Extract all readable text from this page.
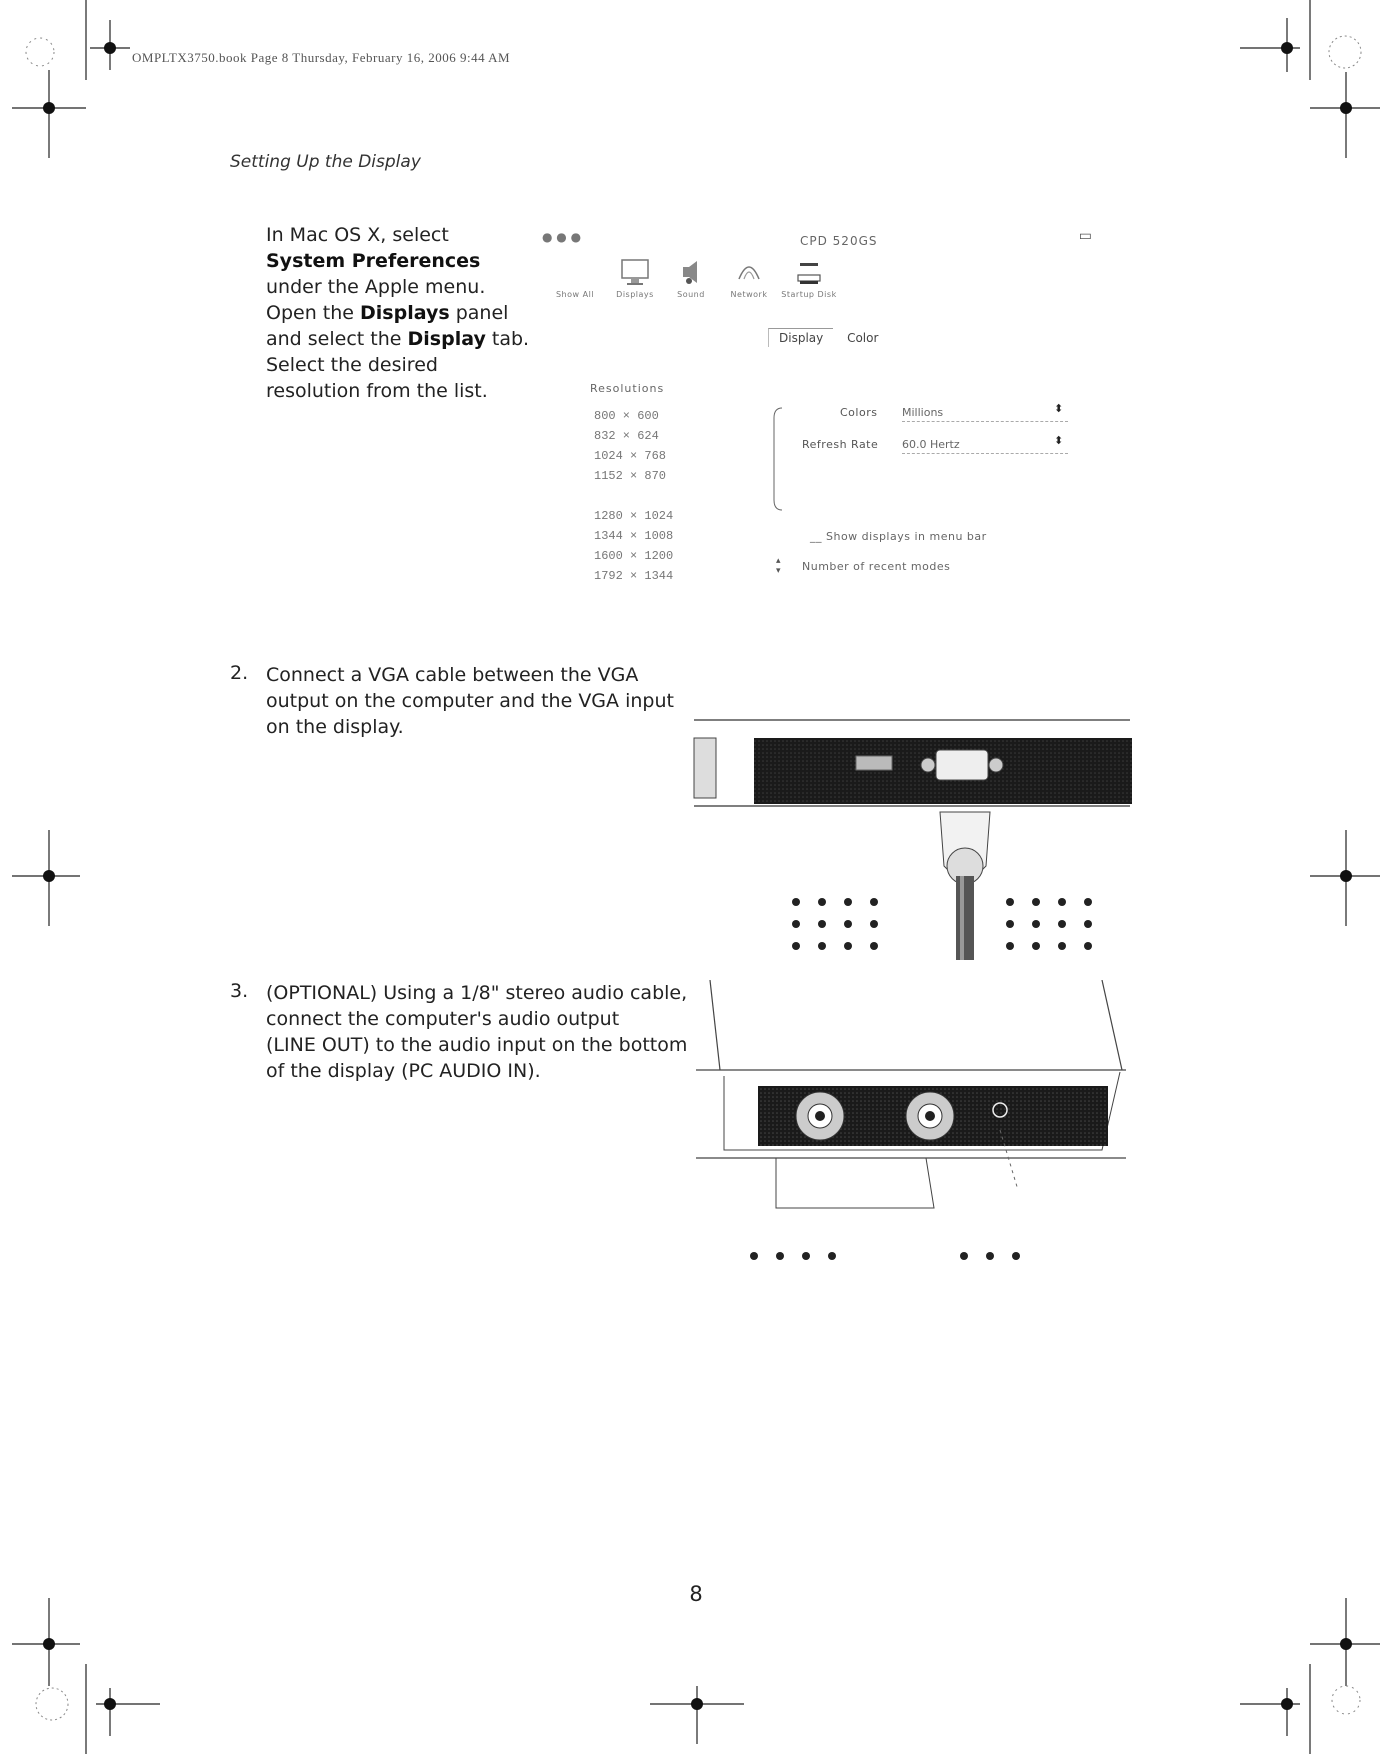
OMPLTX3750.book Page 8 Thursday, February 16, 2006 9:44 AM
Setting Up the Display
In Mac OS X, select
System Preferences
under the Apple menu.
Open the Displays panel
and select the Display tab.
Select the desired
resolution from the list.
● ● ●	CPD 520GS	▭
Show All	Displays	Sound	Network	Startup Disk
Display Color
Resolutions
800 × 600
832 × 624
1024 × 768
1152 × 870
1280 × 1024
1344 × 1008
1600 × 1200
1792 × 1344
Colors Millions	⬍
Refresh Rate 60.0 Hertz	⬍
__ Show displays in menu bar
▴
▾ Number of recent modes
2. Connect a VGA cable between the VGA
output on the computer and the VGA input
on the display.
3. (OPTIONAL) Using a 1/8" stereo audio cable,
connect the computer's audio output
(LINE OUT) to the audio input on the bottom
of the display (PC AUDIO IN).
8
